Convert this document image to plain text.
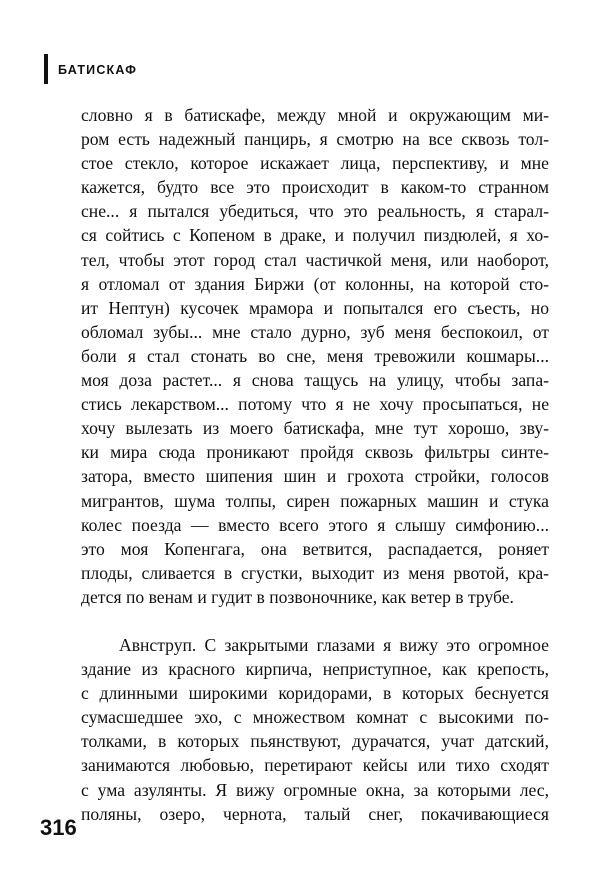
БАТИСКАФ
словно я в батискафе, между мной и окружающим ми-
ром есть надежный панцирь, я смотрю на все сквозь тол-
стое стекло, которое искажает лица, перспективу, и мне
кажется, будто все это происходит в каком-то странном
сне... я пытался убедиться, что это реальность, я старал-
ся сойтись с Копеном в драке, и получил пиздюлей, я хо-
тел, чтобы этот город стал частичкой меня, или наоборот,
я отломал от здания Биржи (от колонны, на которой сто-
ит Нептун) кусочек мрамора и попытался его съесть, но
обломал зубы... мне стало дурно, зуб меня беспокоил, от
боли я стал стонать во сне, меня тревожили кошмары...
моя доза растет... я снова тащусь на улицу, чтобы запа-
стись лекарством... потому что я не хочу просыпаться, не
хочу вылезать из моего батискафа, мне тут хорошо, зву-
ки мира сюда проникают пройдя сквозь фильтры синте-
затора, вместо шипения шин и грохота стройки, голосов
мигрантов, шума толпы, сирен пожарных машин и стука
колес поезда — вместо всего этого я слышу симфонию...
это моя Копенгага, она ветвится, распадается, роняет
плоды, сливается в сгустки, выходит из меня рвотой, кра-
дется по венам и гудит в позвоночнике, как ветер в трубе.
Авнструп. С закрытыми глазами я вижу это огромное
здание из красного кирпича, неприступное, как крепость,
с длинными широкими коридорами, в которых беснуется
сумасшедшее эхо, с множеством комнат с высокими по-
толками, в которых пьянствуют, дурачатся, учат датский,
занимаются любовью, перетирают кейсы или тихо сходят
с ума азулянты. Я вижу огромные окна, за которыми лес,
поляны, озеро, чернота, талый снег, покачивающиеся
316
